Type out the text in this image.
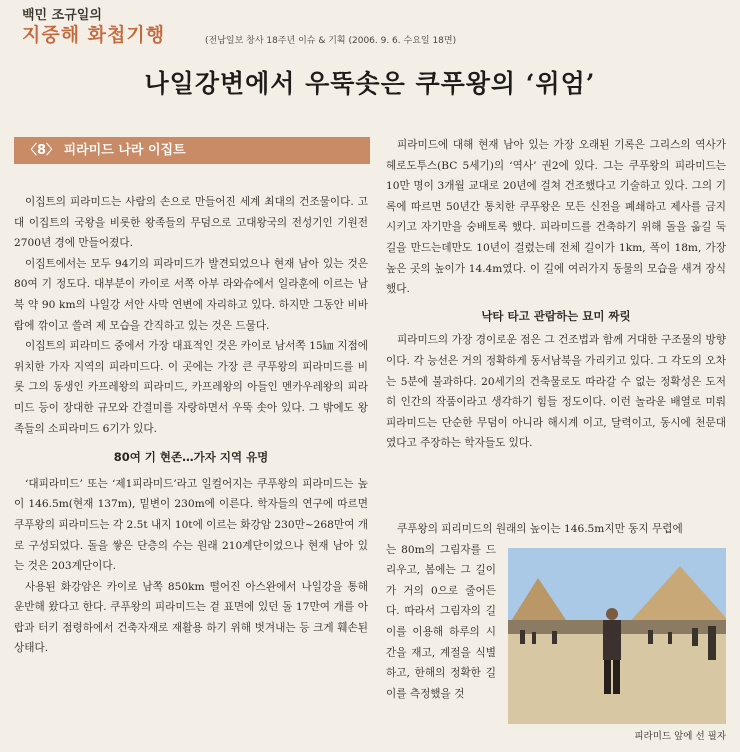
백민 조규일의
지중해 화첩기행	(전남일보 창사 18주년 이슈 & 기획 (2006. 9. 6. 수요일 18면)
나일강변에서 우뚝솟은 쿠푸왕의 ‘위엄’
〈8〉 피라미드 나라 이집트

이집트의 피라미드는 사람의 손으로 만들어진 세계 최대의 건조물이다. 고대 이집트의 국왕을 비롯한 왕족들의 무덤으로 고대왕국의 전성기인 기원전 2700년 경에 만들어졌다.

이집트에서는 모두 94기의 피라미드가 발견되었으나 현재 남아 있는 것은 80여 기 정도다. 대부분이 카이로 서쪽 아부 라와슈에서 일라훈에 이르는 남북 약 90 km의 나일강 서안 사막 연변에 자리하고 있다. 하지만 그동안 비바람에 깎이고 쓸려 제 모습을 간직하고 있는 것은 드물다.

이집트의 피라미드 중에서 가장 대표적인 것은 카이로 남서쪽 15㎞ 지점에 위치한 가자 지역의 피라미드다. 이 곳에는 가장 큰 쿠푸왕의 피라미드를 비롯 그의 동생인 카프레왕의 피라미드, 카프레왕의 아들인 멘카우레왕의 피라미드 등이 장대한 규모와 간결미를 자랑하면서 우뚝 솟아 있다. 그 밖에도 왕족들의 소피라미드 6기가 있다.

80여 기 현존…가자 지역 유명

‘대피라미드’ 또는 ‘제1피라미드’라고 일컬어지는 쿠푸왕의 피라미드는 높이 146.5m(현재 137m), 밑변이 230m에 이른다. 학자들의 연구에 따르면 쿠푸왕의 피라미드는 각 2.5t 내지 10t에 이르는 화강암 230만~268만여 개로 구성되었다. 돌을 쌓은 단층의 수는 원래 210계단이었으나 현재 남아 있는 것은 203계단이다.

사용된 화강암은 카이로 남쪽 850km 떨어진 아스완에서 나일강을 통해 운반해 왔다고 한다. 쿠푸왕의 피라미드는 겉 표면에 있던 돌 17만여 개를 아랍과 터키 점령하에서 건축자재로 재활용 하기 위해 벗겨내는 등 크게 훼손된 상태다.

피라미드에 대해 현재 남아 있는 가장 오래된 기록은 그리스의 역사가 헤로도투스(BC 5세기)의 ‘역사’ 권2에 있다. 그는 쿠푸왕의 피라미드는 10만 명이 3개월 교대로 20년에 걸쳐 건조했다고 기술하고 있다. 그의 기록에 따르면 50년간 통치한 쿠푸왕은 모든 신전을 폐쇄하고 제사를 금지시키고 자기만을 숭배토록 했다. 피라미드를 건축하기 위해 돌을 옮길 둑길을 만드는데만도 10년이 걸렸는데 전체 길이가 1km, 폭이 18m, 가장 높은 곳의 높이가 14.4m였다. 이 길에 여러가지 동물의 모습을 새겨 장식했다.

낙타 타고 관람하는 묘미 짜릿

피라미드의 가장 경이로운 점은 그 건조법과 함께 거대한 구조물의 방향이다. 각 능선은 거의 정확하게 동서남북을 가리키고 있다. 그 각도의 오차는 5분에 불과하다. 20세기의 건축물로도 따라갈 수 없는 정확성은 도저히 인간의 작품이라고 생각하기 힘들 정도이다. 이런 놀라운 배열로 미뤄 피라미드는 단순한 무덤이 아니라 해시계 이고, 달력이고, 동시에 천문대 였다고 주장하는 학자들도 있다.

쿠푸왕의 피리미드의 원래의 높이는 146.5m지만 동지 무렵에

는 80m의 그림자를 드리우고, 봄에는 그 길이가 거의 0으로 줄어든다. 따라서 그림자의 길이를 이용해 하루의 시간을 재고, 계절을 식별하고, 한해의 정확한 길이를 측정했을 것

피라미드 앞에 선 필자
